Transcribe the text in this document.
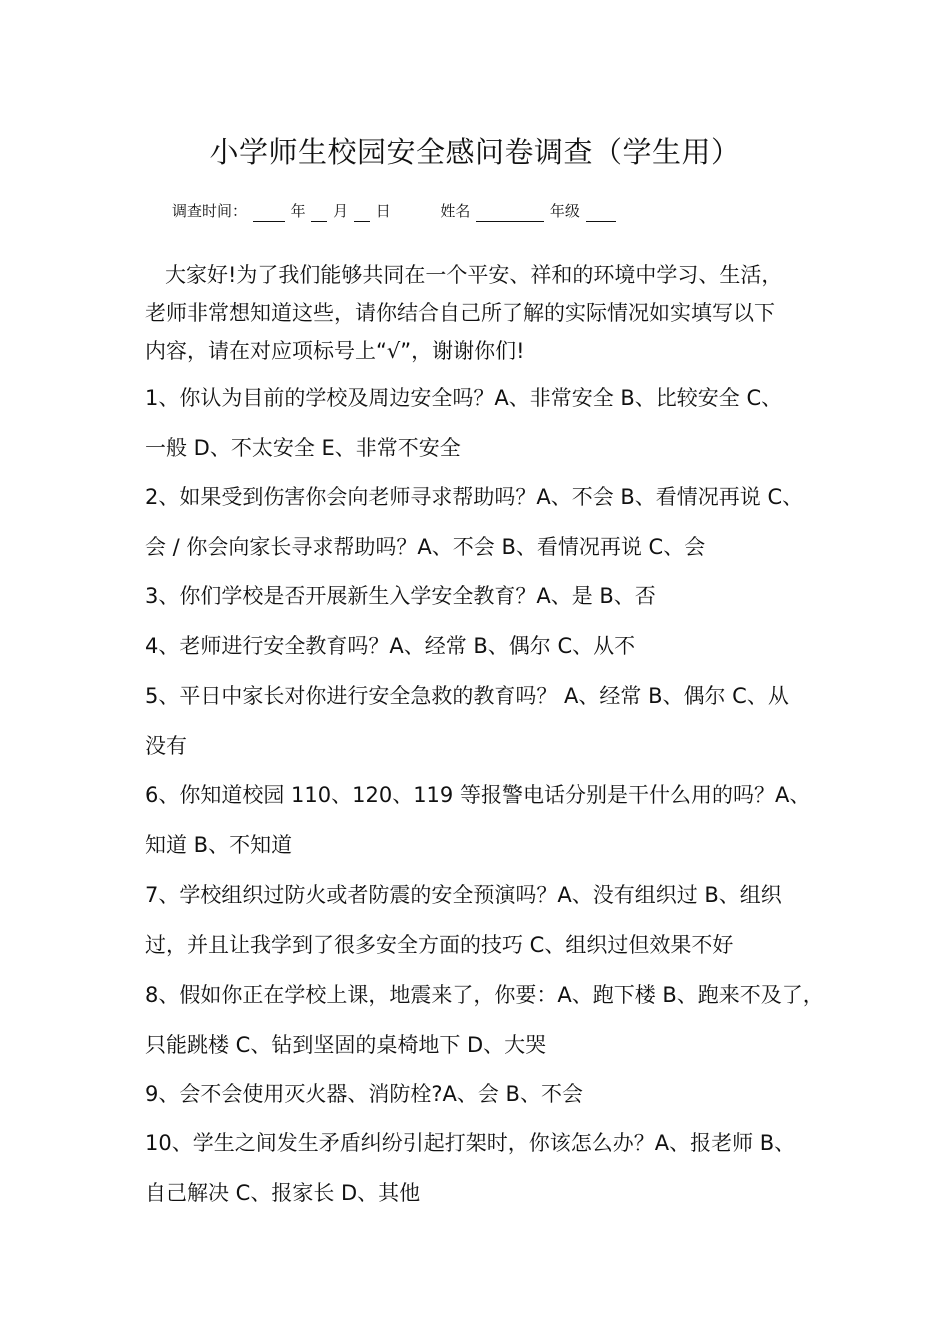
小学师生校园安全感问卷调查（学生用）
调查时间：	年 月 日	姓名	年级
大家好!为了我们能够共同在一个平安、祥和的环境中学习、生活，
老师非常想知道这些，请你结合自己所了解的实际情况如实填写以下
内容，请在对应项标号上“√”，谢谢你们!
1、你认为目前的学校及周边安全吗？A、非常安全 B、比较安全 C、
一般 D、不太安全 E、非常不安全
2、如果受到伤害你会向老师寻求帮助吗？A、不会 B、看情况再说 C、
会 / 你会向家长寻求帮助吗？A、不会 B、看情况再说 C、会
3、你们学校是否开展新生入学安全教育？A、是 B、否
4、老师进行安全教育吗？A、经常 B、偶尔 C、从不
5、平日中家长对你进行安全急救的教育吗？ A、经常 B、偶尔 C、从
没有
6、你知道校园 110、120、119 等报警电话分别是干什么用的吗？A、
知道 B、不知道
7、学校组织过防火或者防震的安全预演吗？A、没有组织过 B、组织
过，并且让我学到了很多安全方面的技巧 C、组织过但效果不好
8、假如你正在学校上课，地震来了，你要：A、跑下楼 B、跑来不及了，
只能跳楼 C、钻到坚固的桌椅地下 D、大哭
9、会不会使用灭火器、消防栓?A、会 B、不会
10、学生之间发生矛盾纠纷引起打架时，你该怎么办？A、报老师 B、
自己解决 C、报家长 D、其他
